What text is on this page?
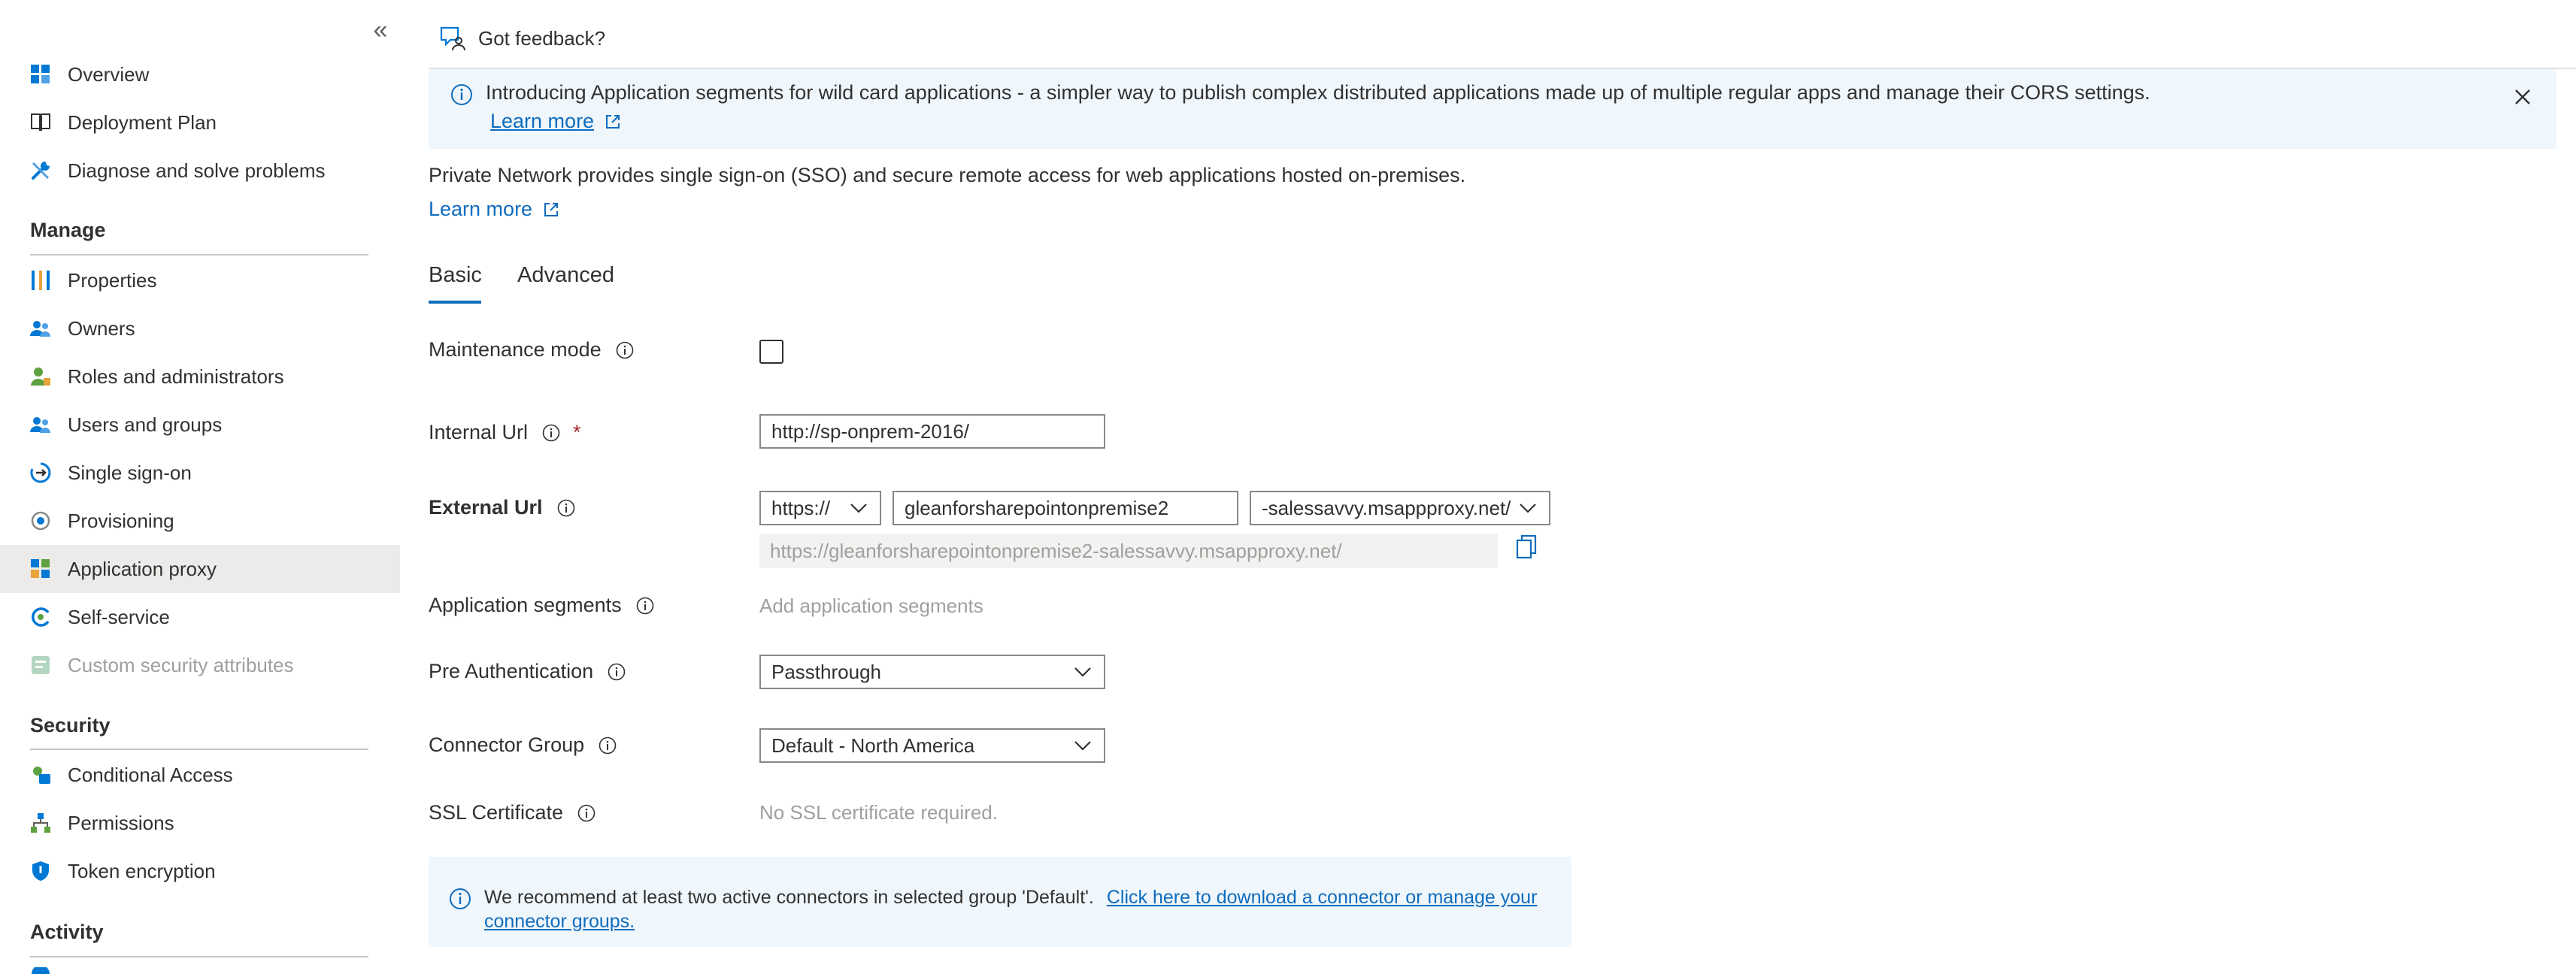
«
Overview
Deployment Plan
Diagnose and solve problems
Manage
Properties
Owners
Roles and administrators
Users and groups
Single sign-on
Provisioning
Application proxy
Self-service
Custom security attributes
Security
Conditional Access
Permissions
Token encryption
Activity
Got feedback?
Introducing Application segments for wild card applications - a simpler way to publish complex distributed applications made up of multiple regular apps and manage their CORS settings.
Learn more
Private Network provides single sign-on (SSO) and secure remote access for web applications hosted on-premises.
Learn more
Basic Advanced
Maintenance mode
Internal Url *	http://sp-onprem-2016/
External Url	https://	gleanforsharepointonpremise2	-salessavvy.msappproxy.net/
https://gleanforsharepointonpremise2-salessavvy.msappproxy.net/
Application segments	Add application segments
Pre Authentication	Passthrough
Connector Group	Default - North America
SSL Certificate	No SSL certificate required.
We recommend at least two active connectors in selected group 'Default'. Click here to download a connector or manage your
connector groups.
